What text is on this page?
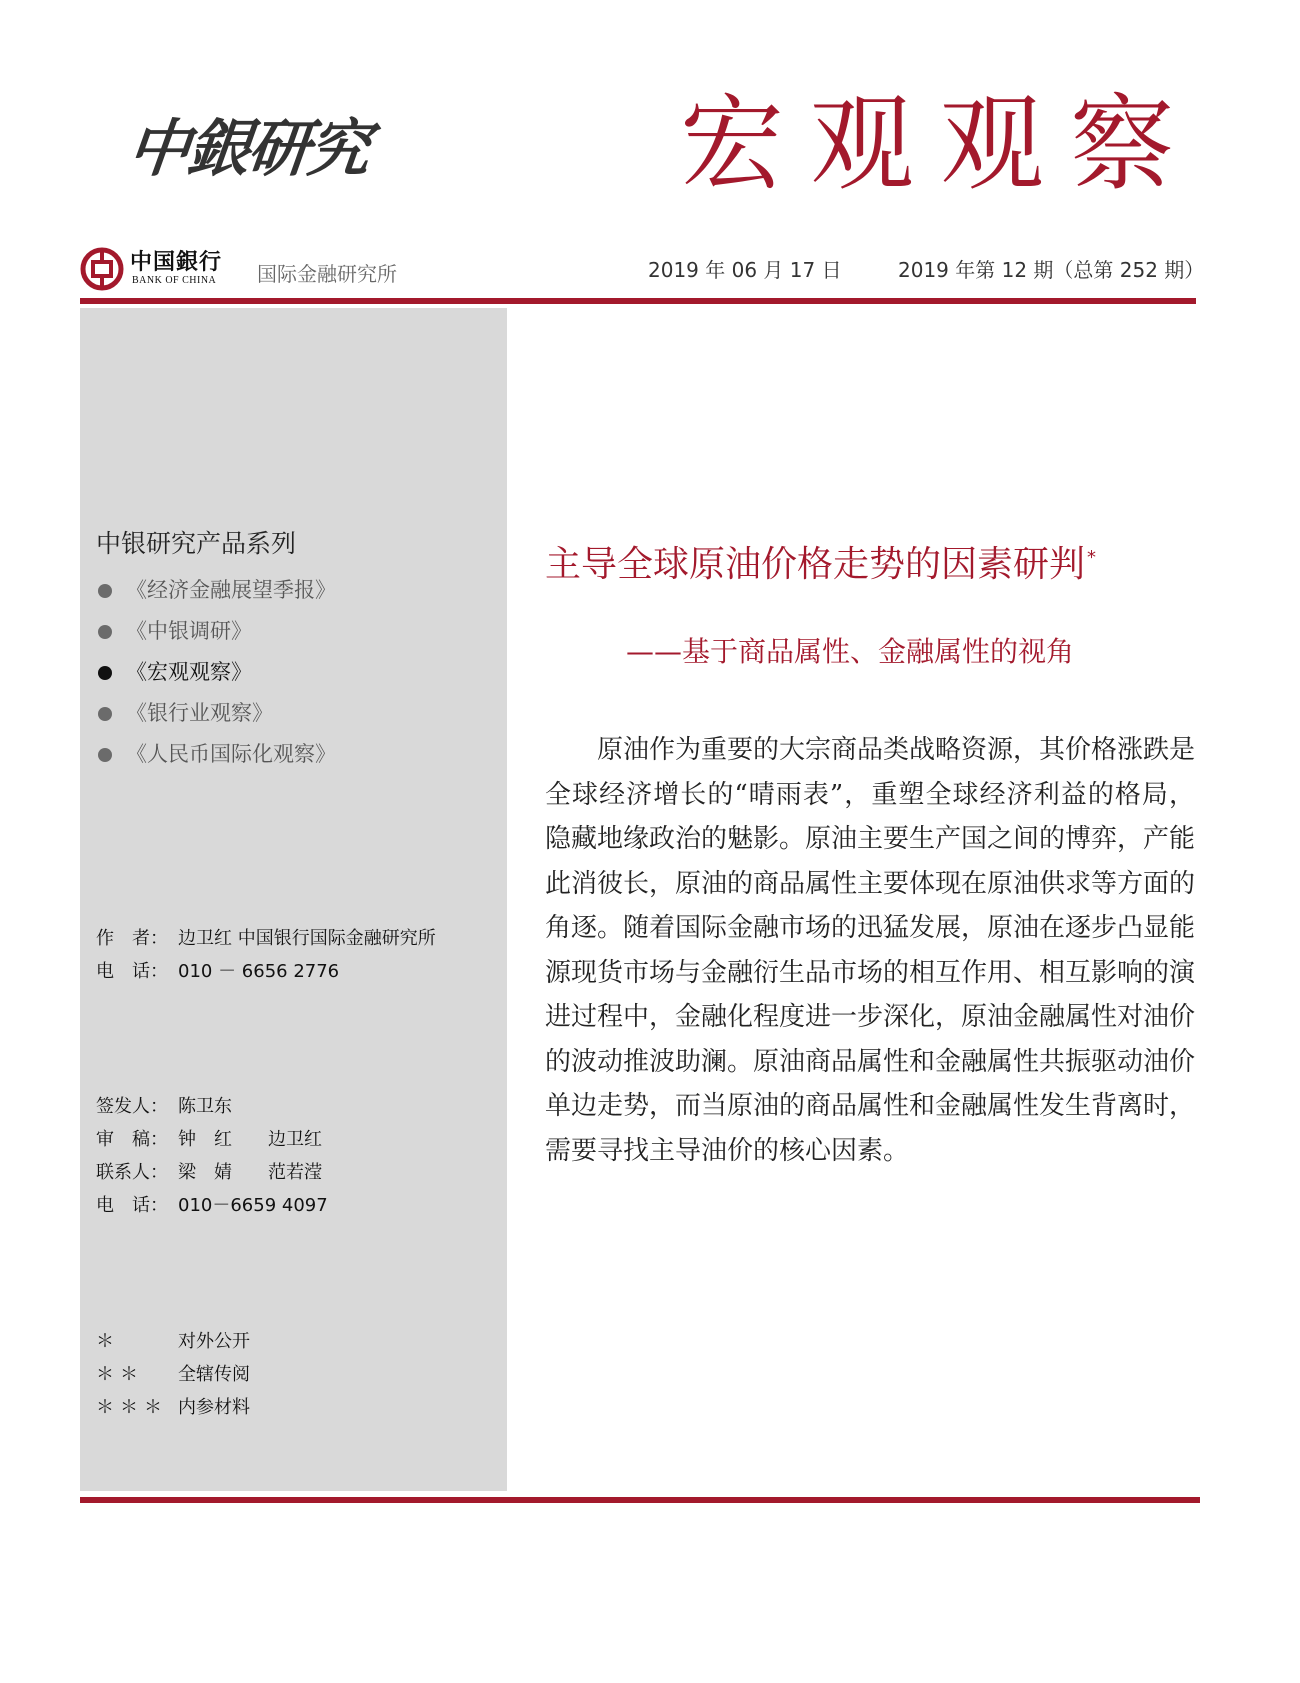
中銀研究	宏观观察
中国銀行
BANK OF CHINA 国际金融研究所	2019 年 06 月 17 日	2019 年第 12 期（总第 252 期）
中银研究产品系列
《经济金融展望季报》
《中银调研》
《宏观观察》
《银行业观察》
《人民币国际化观察》
作　者： 边卫红 中国银行国际金融研究所
电　话： 010 － 6656 2776
签发人： 陈卫东
审　稿： 钟　红　　边卫红
联系人： 梁　婧　　范若滢
电　话： 010－6659 4097
＊	对外公开
＊＊ 全辖传阅
＊＊＊ 内参材料
主导全球原油价格走势的因素研判 *
——基于商品属性、金融属性的视角

原油作为重要的大宗商品类战略资源，其价格涨跌是全球经济增长的“晴雨表”，重塑全球经济利益的格局，隐藏地缘政治的魅影。原油主要生产国之间的博弈，产能此消彼长，原油的商品属性主要体现在原油供求等方面的角逐。随着国际金融市场的迅猛发展，原油在逐步凸显能源现货市场与金融衍生品市场的相互作用、相互影响的演进过程中，金融化程度进一步深化，原油金融属性对油价的波动推波助澜。原油商品属性和金融属性共振驱动油价单边走势，而当原油的商品属性和金融属性发生背离时，需要寻找主导油价的核心因素。
